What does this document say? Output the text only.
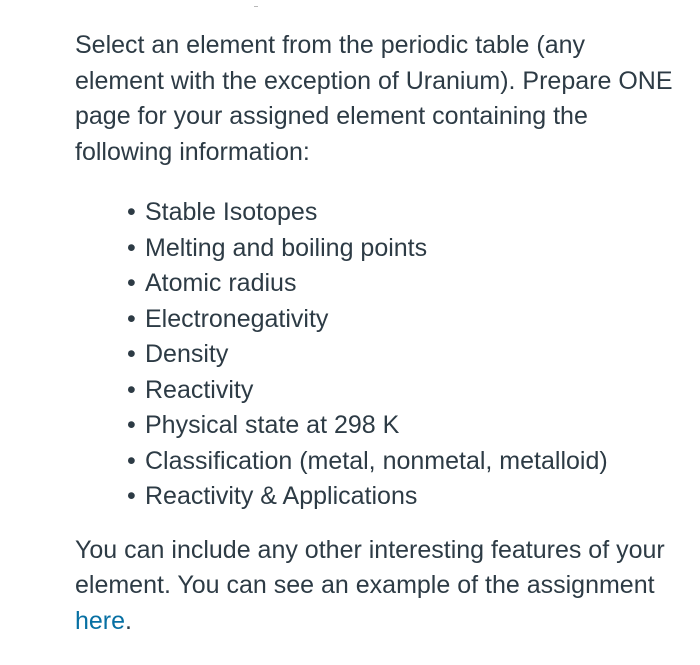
Select an element from the periodic table (any element with the exception of Uranium). Prepare ONE page for your assigned element containing the following information:

• Stable Isotopes
• Melting and boiling points
• Atomic radius
• Electronegativity
• Density
• Reactivity
• Physical state at 298 K
• Classification (metal, nonmetal, metalloid)
• Reactivity & Applications

You can include any other interesting features of your element. You can see an example of the assignment here.
